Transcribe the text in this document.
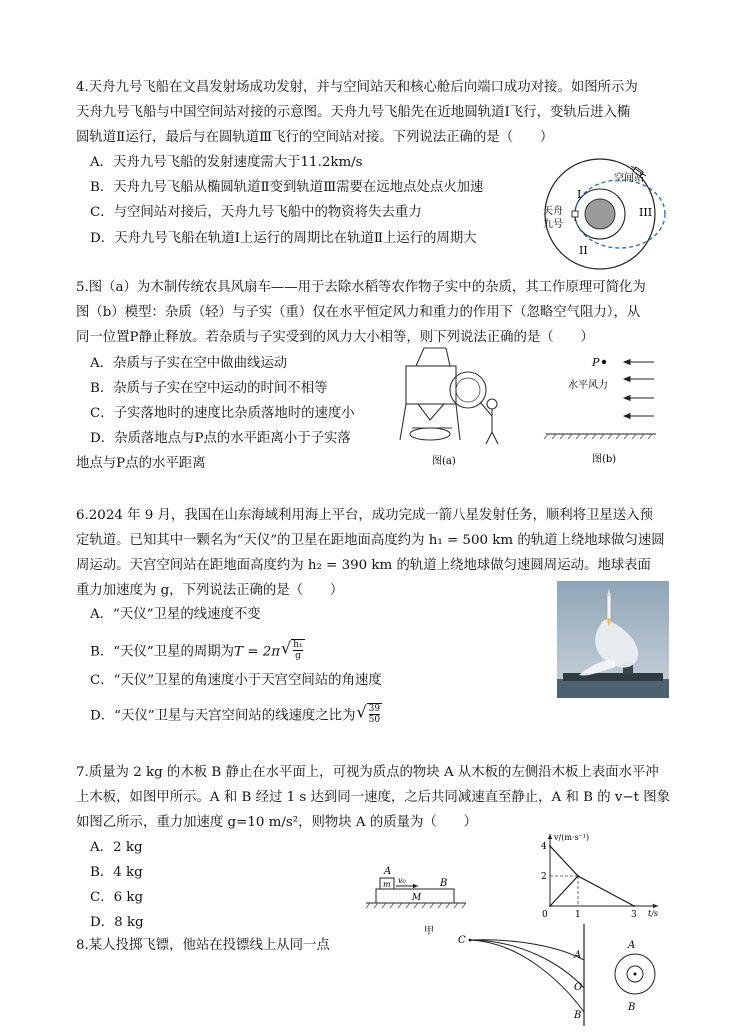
4.天舟九号飞船在文昌发射场成功发射，并与空间站天和核心舱后向端口成功对接。如图所示为
天舟九号飞船与中国空间站对接的示意图。天舟九号飞船先在近地圆轨道Ⅰ飞行，变轨后进入椭
圆轨道Ⅱ运行，最后与在圆轨道Ⅲ飞行的空间站对接。下列说法正确的是（　　）
A．天舟九号飞船的发射速度需大于11.2km/s
B．天舟九号飞船从椭圆轨道Ⅱ变到轨道Ⅲ需要在远地点处点火加速
C．与空间站对接后，天舟九号飞船中的物资将失去重力
D．天舟九号飞船在轨道Ⅰ上运行的周期比在轨道Ⅱ上运行的周期大
空间站
I
III
II
天舟
九号
5.图（a）为木制传统农具风扇车——用于去除水稻等农作物子实中的杂质，其工作原理可简化为
图（b）模型：杂质（轻）与子实（重）仅在水平恒定风力和重力的作用下（忽略空气阻力），从
同一位置P静止释放。若杂质与子实受到的风力大小相等，则下列说法正确的是（　　）
A．杂质与子实在空中做曲线运动
B．杂质与子实在空中运动的时间不相等
C．子实落地时的速度比杂质落地时的速度小
D．杂质落地点与P点的水平距离小于子实落
地点与P点的水平距离	图(a)
P
水平风力
图(b)
6.2024 年 9 月，我国在山东海域利用海上平台，成功完成一箭八星发射任务，顺利将卫星送入预
定轨道。已知其中一颗名为“天仪”的卫星在距地面高度约为 h₁ = 500 km 的轨道上绕地球做匀速圆
周运动。天宫空间站在距地面高度约为 h₂ = 390 km 的轨道上绕地球做匀速圆周运动。地球表面
重力加速度为 g，下列说法正确的是（　　）
A．“天仪”卫星的线速度不变
B．“天仪”卫星的周期为$T = 2\pi√ \frac{\text{h₁}}{g}$
C．“天仪”卫星的角速度小于天宫空间站的角速度
D．“天仪”卫星与天宫空间站的线速度之比为√ $\frac{39}{50}$
7.质量为 2 kg 的木板 B 静止在水平面上，可视为质点的物块 A 从木板的左侧沿木板上表面水平冲
上木板，如图甲所示。A 和 B 经过 1 s 达到同一速度，之后共同减速直至静止，A 和 B 的 v−t 图象
如图乙所示，重力加速度 g=10 m/s²，则物块 A 的质量为（　　）
A．2 kg
B．4 kg
C．6 kg
D．8 kg
A
m v₀	B
M
甲
v/(m·s⁻¹)
t/s
0	1	3
2
4
8.某人投掷飞镖，他站在投镖线上从同一点	C
A
O
B
A
B
